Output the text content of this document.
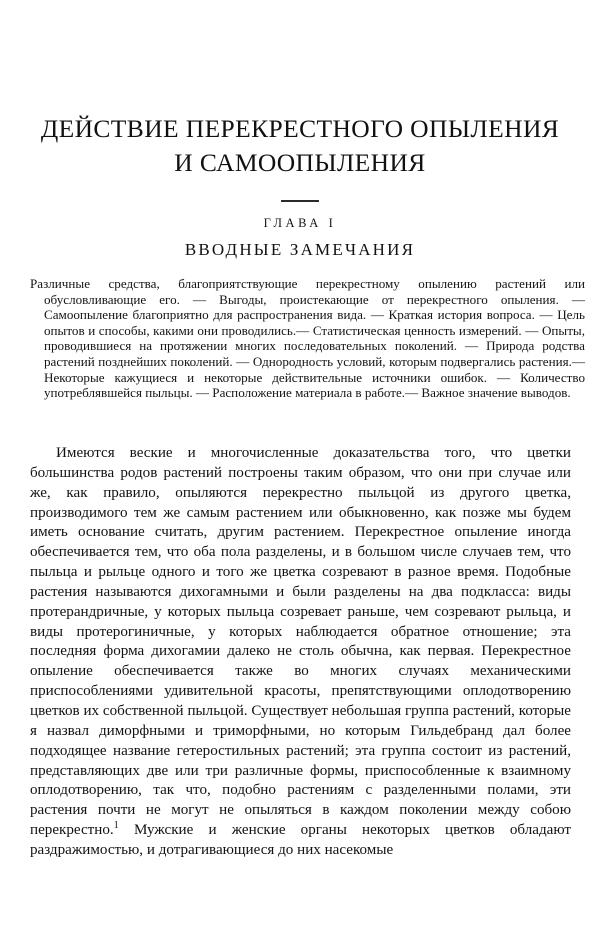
ДЕЙСТВИЕ ПЕРЕКРЕСТНОГО ОПЫЛЕНИЯ
И САМООПЫЛЕНИЯ
ГЛАВА I
ВВОДНЫЕ ЗАМЕЧАНИЯ
Различные средства, благоприятствующие перекрестному опылению растений или обусловливающие его. — Выгоды, проистекающие от перекрестного опыления. — Самоопыление благоприятно для распространения вида. — Краткая история вопроса. — Цель опытов и способы, какими они проводились.— Статистическая ценность измерений. — Опыты, проводившиеся на протяжении многих последовательных поколений. — Природа родства растений позднейших поколений. — Однородность условий, которым подвергались растения.— Некоторые кажущиеся и некоторые действительные источники ошибок. — Количество употреблявшейся пыльцы. — Расположение материала в работе.— Важное значение выводов.
Имеются веские и многочисленные доказательства того, что цветки большинства родов растений построены таким образом, что они при случае или же, как правило, опыляются перекрестно пыльцой из другого цветка, производимого тем же самым растением или обыкновенно, как позже мы будем иметь основание считать, другим растением. Перекрестное опыление иногда обеспечивается тем, что оба пола разделены, и в большом числе случаев тем, что пыльца и рыльце одного и того же цветка созревают в разное время. Подобные растения называются дихогамными и были разделены на два подкласса: виды протерандричные, у которых пыльца созревает раньше, чем созревают рыльца, и виды протерогиничные, у которых наблюдается обратное отношение; эта последняя форма дихогамии далеко не столь обычна, как первая. Перекрестное опыление обеспечивается также во многих случаях механическими приспособлениями удивительной красоты, препятствующими оплодотворению цветков их собственной пыльцой. Существует небольшая группа растений, которые я назвал диморфными и триморфными, но которым Гильдебранд дал более подходящее название гетеростильных растений; эта группа состоит из растений, представляющих две или три различные формы, приспособленные к взаимному оплодотворению, так что, подобно растениям с разделенными полами, эти растения почти не могут не опыляться в каждом поколении между собою перекрестно.$^1$ Мужские и женские органы некоторых цветков обладают раздражимостью, и дотрагивающиеся до них насекомые
